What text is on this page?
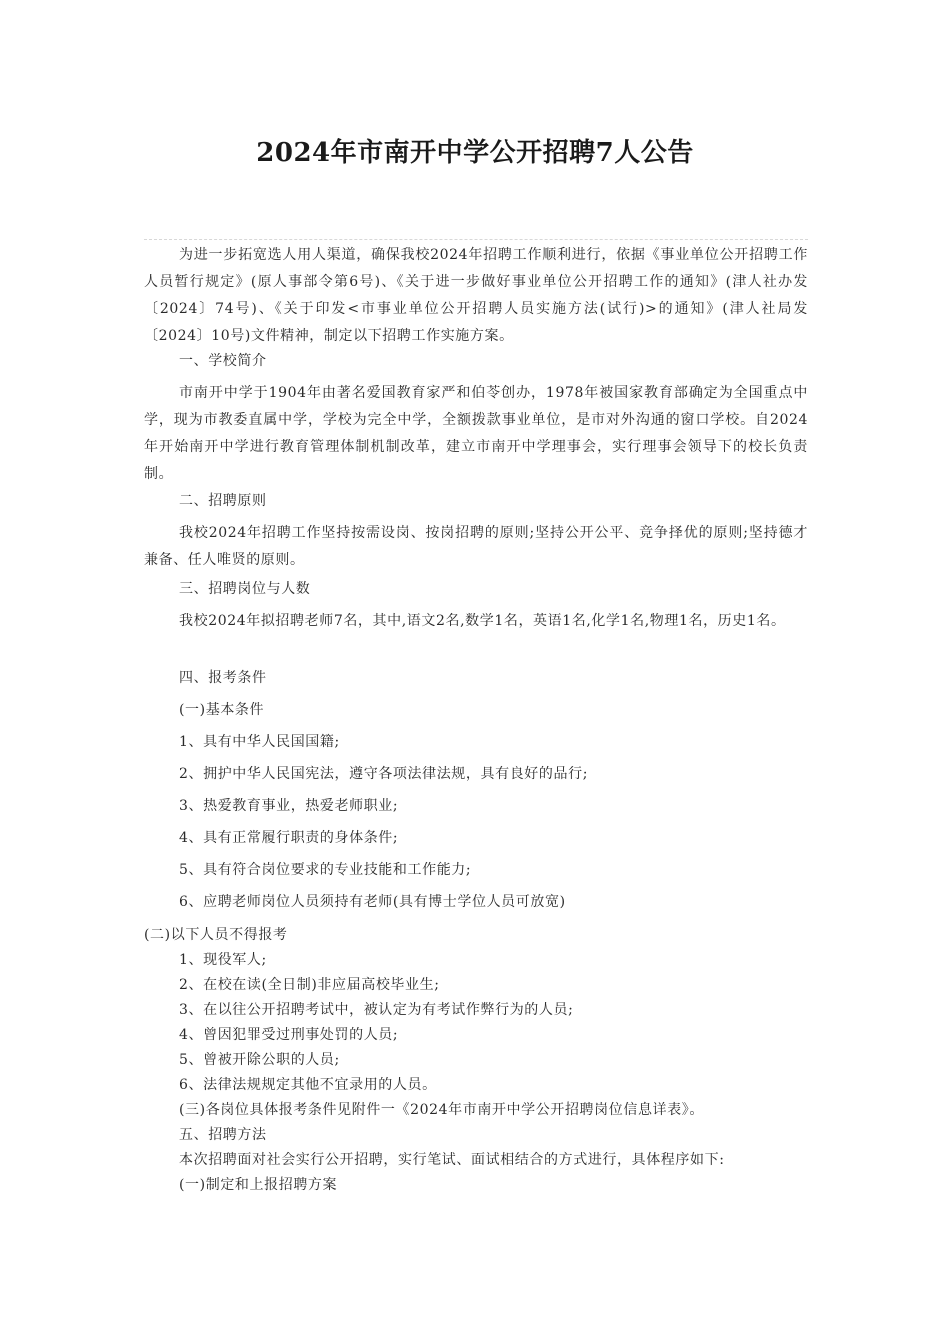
2024年市南开中学公开招聘7人公告

为进一步拓宽选人用人渠道，确保我校2024年招聘工作顺利进行，依据《事业单位公开招聘工作人员暂行规定》(原人事部令第6号)、《关于进一步做好事业单位公开招聘工作的通知》(津人社办发〔2024〕74号)、《关于印发<市事业单位公开招聘人员实施方法(试行)>的通知》(津人社局发〔2024〕10号)文件精神，制定以下招聘工作实施方案。

一、学校简介

市南开中学于1904年由著名爱国教育家严和伯苓创办，1978年被国家教育部确定为全国重点中学，现为市教委直属中学，学校为完全中学，全额拨款事业单位，是市对外沟通的窗口学校。自2024年开始南开中学进行教育管理体制机制改革，建立市南开中学理事会，实行理事会领导下的校长负责制。

二、招聘原则

我校2024年招聘工作坚持按需设岗、按岗招聘的原则;坚持公开公平、竞争择优的原则;坚持德才兼备、任人唯贤的原则。

三、招聘岗位与人数

我校2024年拟招聘老师7名，其中,语文2名,数学1名，英语1名,化学1名,物理1名，历史1名。

四、报考条件

(一)基本条件

1、具有中华人民国国籍;

2、拥护中华人民国宪法，遵守各项法律法规，具有良好的品行;

3、热爱教育事业，热爱老师职业;

4、具有正常履行职责的身体条件;

5、具有符合岗位要求的专业技能和工作能力;

6、应聘老师岗位人员须持有老师(具有博士学位人员可放宽)

(二)以下人员不得报考

1、现役军人;

2、在校在读(全日制)非应届高校毕业生;

3、在以往公开招聘考试中，被认定为有考试作弊行为的人员;

4、曾因犯罪受过刑事处罚的人员;

5、曾被开除公职的人员;

6、法律法规规定其他不宜录用的人员。

(三)各岗位具体报考条件见附件一《2024年市南开中学公开招聘岗位信息详表》。

五、招聘方法

本次招聘面对社会实行公开招聘，实行笔试、面试相结合的方式进行，具体程序如下:

(一)制定和上报招聘方案
